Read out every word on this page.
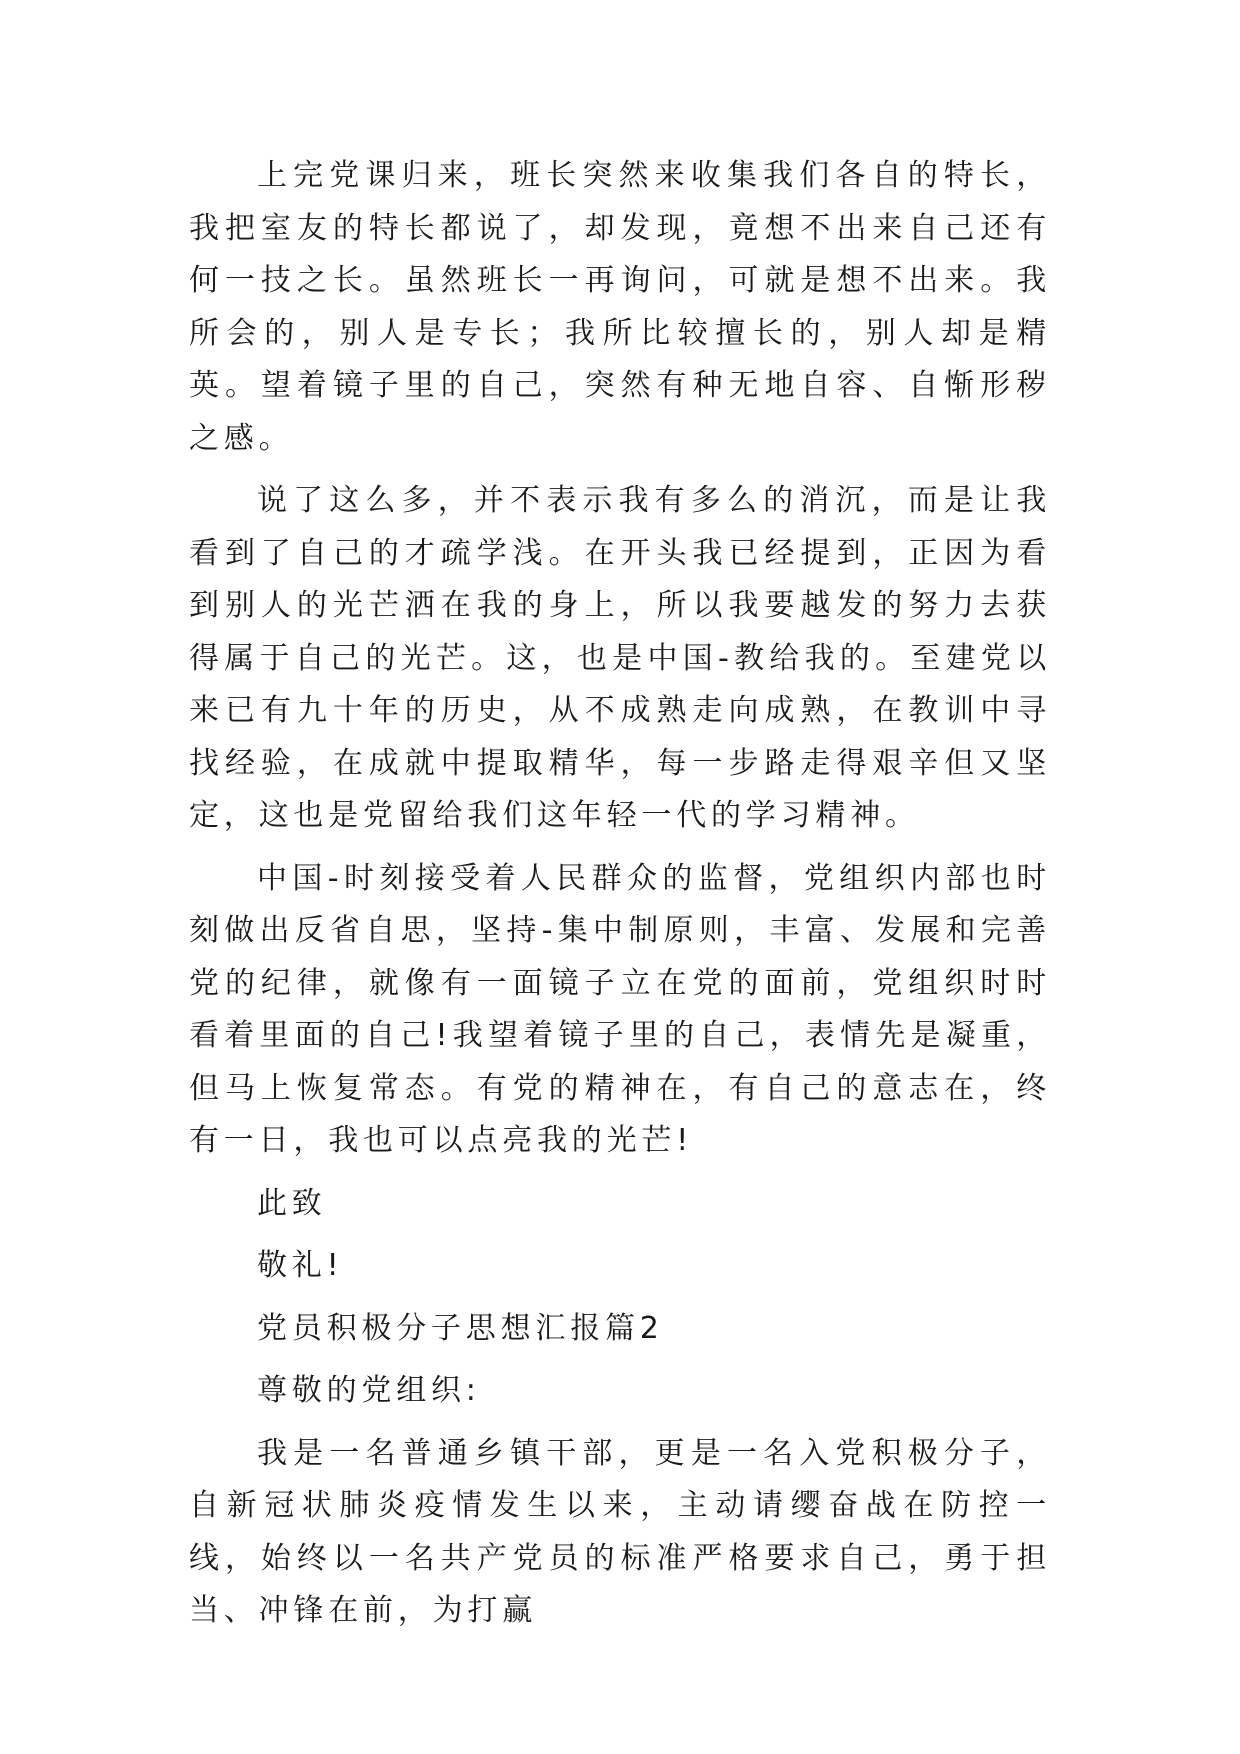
上完党课归来，班长突然来收集我们各自的特长，我把室友的特长都说了，却发现，竟想不出来自己还有何一技之长。虽然班长一再询问，可就是想不出来。我所会的，别人是专长；我所比较擅长的，别人却是精英。望着镜子里的自己，突然有种无地自容、自惭形秽之感。

说了这么多，并不表示我有多么的消沉，而是让我看到了自己的才疏学浅。在开头我已经提到，正因为看到别人的光芒洒在我的身上，所以我要越发的努力去获得属于自己的光芒。这，也是中国-教给我的。至建党以来已有九十年的历史，从不成熟走向成熟，在教训中寻找经验，在成就中提取精华，每一步路走得艰辛但又坚定，这也是党留给我们这年轻一代的学习精神。

中国-时刻接受着人民群众的监督，党组织内部也时刻做出反省自思，坚持-集中制原则，丰富、发展和完善党的纪律，就像有一面镜子立在党的面前，党组织时时看着里面的自己!我望着镜子里的自己，表情先是凝重，但马上恢复常态。有党的精神在，有自己的意志在，终有一日，我也可以点亮我的光芒!

此致

敬礼!

党员积极分子思想汇报篇2

尊敬的党组织:

我是一名普通乡镇干部，更是一名入党积极分子，自新冠状肺炎疫情发生以来，主动请缨奋战在防控一线，始终以一名共产党员的标准严格要求自己，勇于担当、冲锋在前，为打赢
